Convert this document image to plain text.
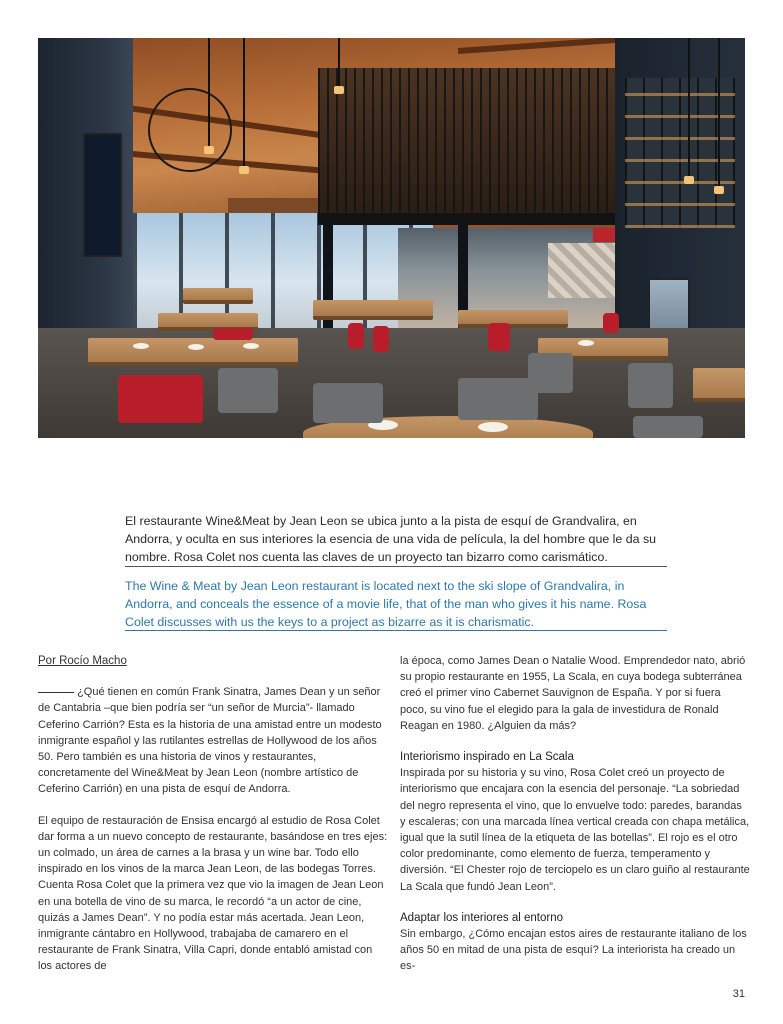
El restaurante Wine&Meat by Jean Leon se ubica junto a la pista de esquí de Grandvalira, en Andorra, y oculta en sus interiores la esencia de una vida de película, la del hombre que le da su nombre. Rosa Colet nos cuenta las claves de un proyecto tan bizarro como carismático.

The Wine & Meat by Jean Leon restaurant is located next to the ski slope of Grandvalira, in Andorra, and conceals the essence of a movie life, that of the man who gives it his name. Rosa Colet discusses with us the keys to a project as bizarre as it is charismatic.

Por Rocío Macho

¿Qué tienen en común Frank Sinatra, James Dean y un señor de Cantabria –que bien podría ser “un señor de Murcia”- llamado Ceferino Carrión? Esta es la historia de una amistad entre un modesto inmigrante español y las rutilantes estrellas de Hollywood de los años 50. Pero también es una historia de vinos y restaurantes, concretamente del Wine&Meat by Jean Leon (nombre artístico de Ceferino Carrión) en una pista de esquí de Andorra.

El equipo de restauración de Ensisa encargó al estudio de Rosa Colet dar forma a un nuevo concepto de restaurante, basándose en tres ejes: un colmado, un área de carnes a la brasa y un wine bar. Todo ello inspirado en los vinos de la marca Jean Leon, de las bodegas Torres.

Cuenta Rosa Colet que la primera vez que vio la imagen de Jean Leon en una botella de vino de su marca, le recordó “a un actor de cine, quizás a James Dean”. Y no podía estar más acertada. Jean Leon, inmigrante cántabro en Hollywood, trabajaba de camarero en el restaurante de Frank Sinatra, Villa Capri, donde entabló amistad con los actores de

la época, como James Dean o Natalie Wood. Emprendedor nato, abrió su propio restaurante en 1955, La Scala, en cuya bodega subterránea creó el primer vino Cabernet Sauvignon de España. Y por si fuera poco, su vino fue el elegido para la gala de investidura de Ronald Reagan en 1980. ¿Alguien da más?

Interiorismo inspirado en La Scala

Inspirada por su historia y su vino, Rosa Colet creó un proyecto de interiorismo que encajara con la esencia del personaje. “La sobriedad del negro representa el vino, que lo envuelve todo: paredes, barandas y escaleras; con una marcada línea vertical creada con chapa metálica, igual que la sutil línea de la etiqueta de las botellas”. El rojo es el otro color predominante, como elemento de fuerza, temperamento y diversión. “El Chester rojo de terciopelo es un claro guiño al restaurante La Scala que fundó Jean Leon”.

Adaptar los interiores al entorno

Sin embargo, ¿Cómo encajan estos aires de restaurante italiano de los años 50 en mitad de una pista de esquí? La interiorista ha creado un es-

31
